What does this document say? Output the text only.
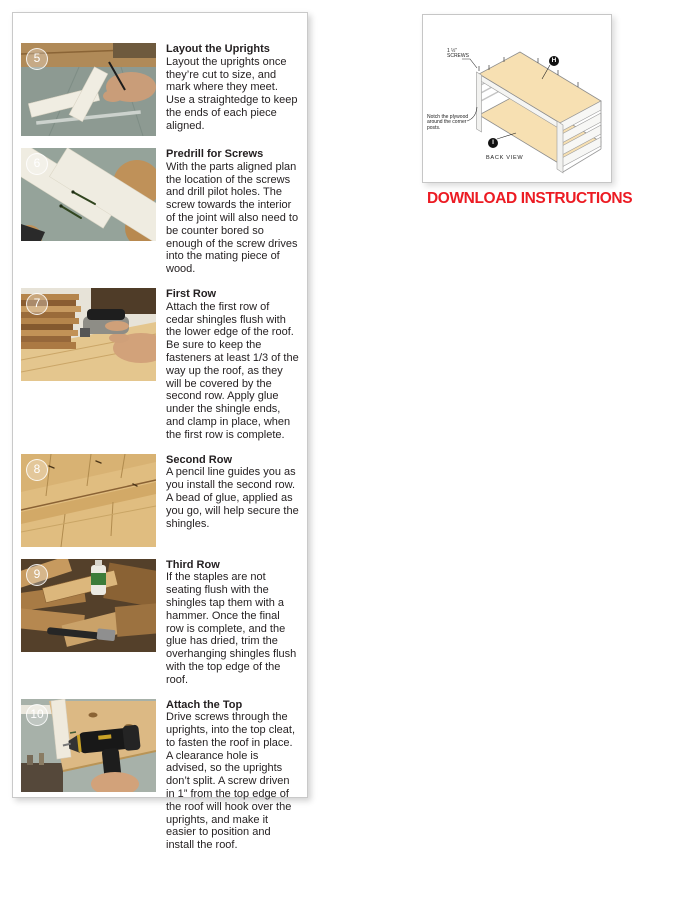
5
Layout the Uprights
Layout the uprights once they’re cut to size, and mark where they meet. Use a straightedge to keep the ends of each piece aligned.
6
Predrill for Screws
With the parts aligned plan the location of the screws and drill pilot holes. The screw towards the interior of the joint will also need to be counter bored so enough of the screw drives into the mating piece of wood.
7
First Row
Attach the first row of cedar shingles flush with the lower edge of the roof. Be sure to keep the fasteners at least 1/3 of the way up the roof, as they will be covered by the second row. Apply glue under the shingle ends, and clamp in place, when the first row is complete.
8
Second Row
A pencil line guides you as you install the second row. A bead of glue, applied as you go, will help secure the shingles.
9
Third Row
If the staples are not seating flush with the shingles tap them with a hammer. Once the final row is complete, and the glue has dried, trim the overhanging shingles flush with the top edge of the roof.
10
Attach the Top
Drive screws through the uprights, into the top cleat, to fasten the roof in place. A clearance hole is advised, so the uprights don’t split. A screw driven in 1” from the top edge of the roof will hook over the uprights, and make it easier to position and install the roof.
1 ½”
SCREWS
Notch the plywood around the corner posts.
H
I
BACK VIEW
DOWNLOAD INSTRUCTIONS
